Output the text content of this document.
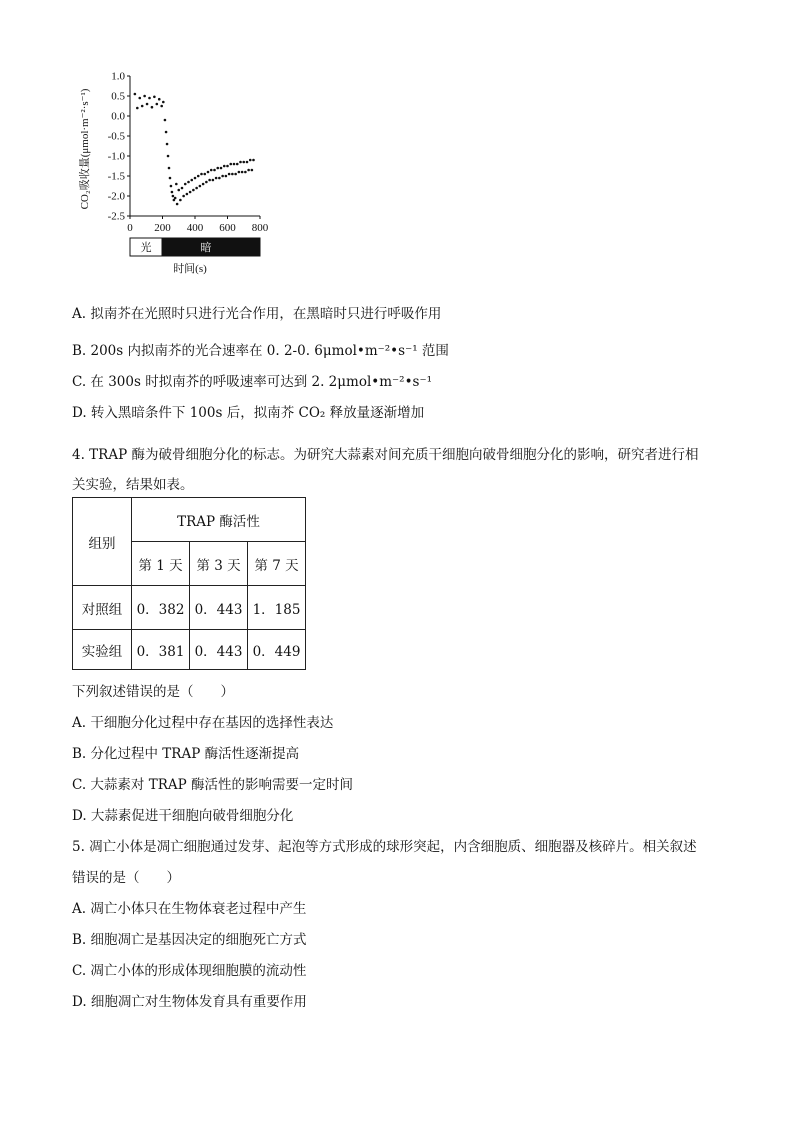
CO₂吸收量(μmol·m⁻²·s⁻¹)
1.0
0.5
0.0
-0.5
-1.0
-1.5
-2.0
-2.5
0 200 400 600 800
光	暗
时间(s)
A. 拟南芥在光照时只进行光合作用，在黑暗时只进行呼吸作用
B. 200s 内拟南芥的光合速率在 0. 2-0. 6μmol•m⁻²•s⁻¹ 范围
C. 在 300s 时拟南芥的呼吸速率可达到 2. 2μmol•m⁻²•s⁻¹
D. 转入黑暗条件下 100s 后，拟南芥 CO₂ 释放量逐渐增加
4. TRAP 酶为破骨细胞分化的标志。为研究大蒜素对间充质干细胞向破骨细胞分化的影响，研究者进行相
关实验，结果如表。
组别	TRAP 酶活性		
	第 1 天	第 3 天	第 7 天
对照组	0．382	0．443	1．185
实验组	0．381	0．443	0．449
下列叙述错误的是（　　）
A. 干细胞分化过程中存在基因的选择性表达
B. 分化过程中 TRAP 酶活性逐渐提高
C. 大蒜素对 TRAP 酶活性的影响需要一定时间
D. 大蒜素促进干细胞向破骨细胞分化
5. 凋亡小体是凋亡细胞通过发芽、起泡等方式形成的球形突起，内含细胞质、细胞器及核碎片。相关叙述
错误的是（　　）
A. 凋亡小体只在生物体衰老过程中产生
B. 细胞凋亡是基因决定的细胞死亡方式
C. 凋亡小体的形成体现细胞膜的流动性
D. 细胞凋亡对生物体发育具有重要作用
